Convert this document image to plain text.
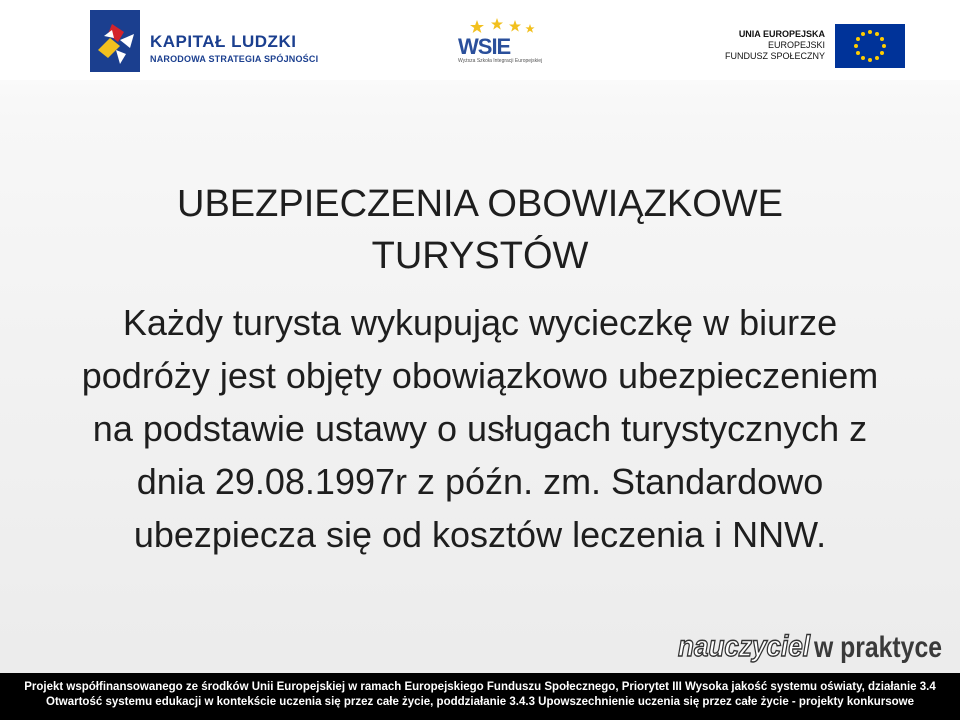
KAPITAŁ LUDZKI
NARODOWA STRATEGIA SPÓJNOŚCI	WSIE
Wyższa Szkoła Integracji Europejskiej
UNIA EUROPEJSKA
EUROPEJSKI
FUNDUSZ SPOŁECZNY
UBEZPIECZENIA OBOWIĄZKOWE TURYSTÓW
Każdy turysta wykupując wycieczkę w biurze podróży jest objęty obowiązkowo ubezpieczeniem na podstawie ustawy o usługach turystycznych z dnia 29.08.1997r z późn. zm. Standardowo ubezpiecza się od kosztów leczenia i NNW.
nauczyciel w praktyce
Projekt współfinansowanego ze środków Unii Europejskiej w ramach Europejskiego Funduszu Społecznego, Priorytet III Wysoka jakość systemu oświaty, działanie 3.4
Otwartość systemu edukacji w kontekście uczenia się przez całe życie, poddziałanie 3.4.3 Upowszechnienie uczenia się przez całe życie - projekty konkursowe
